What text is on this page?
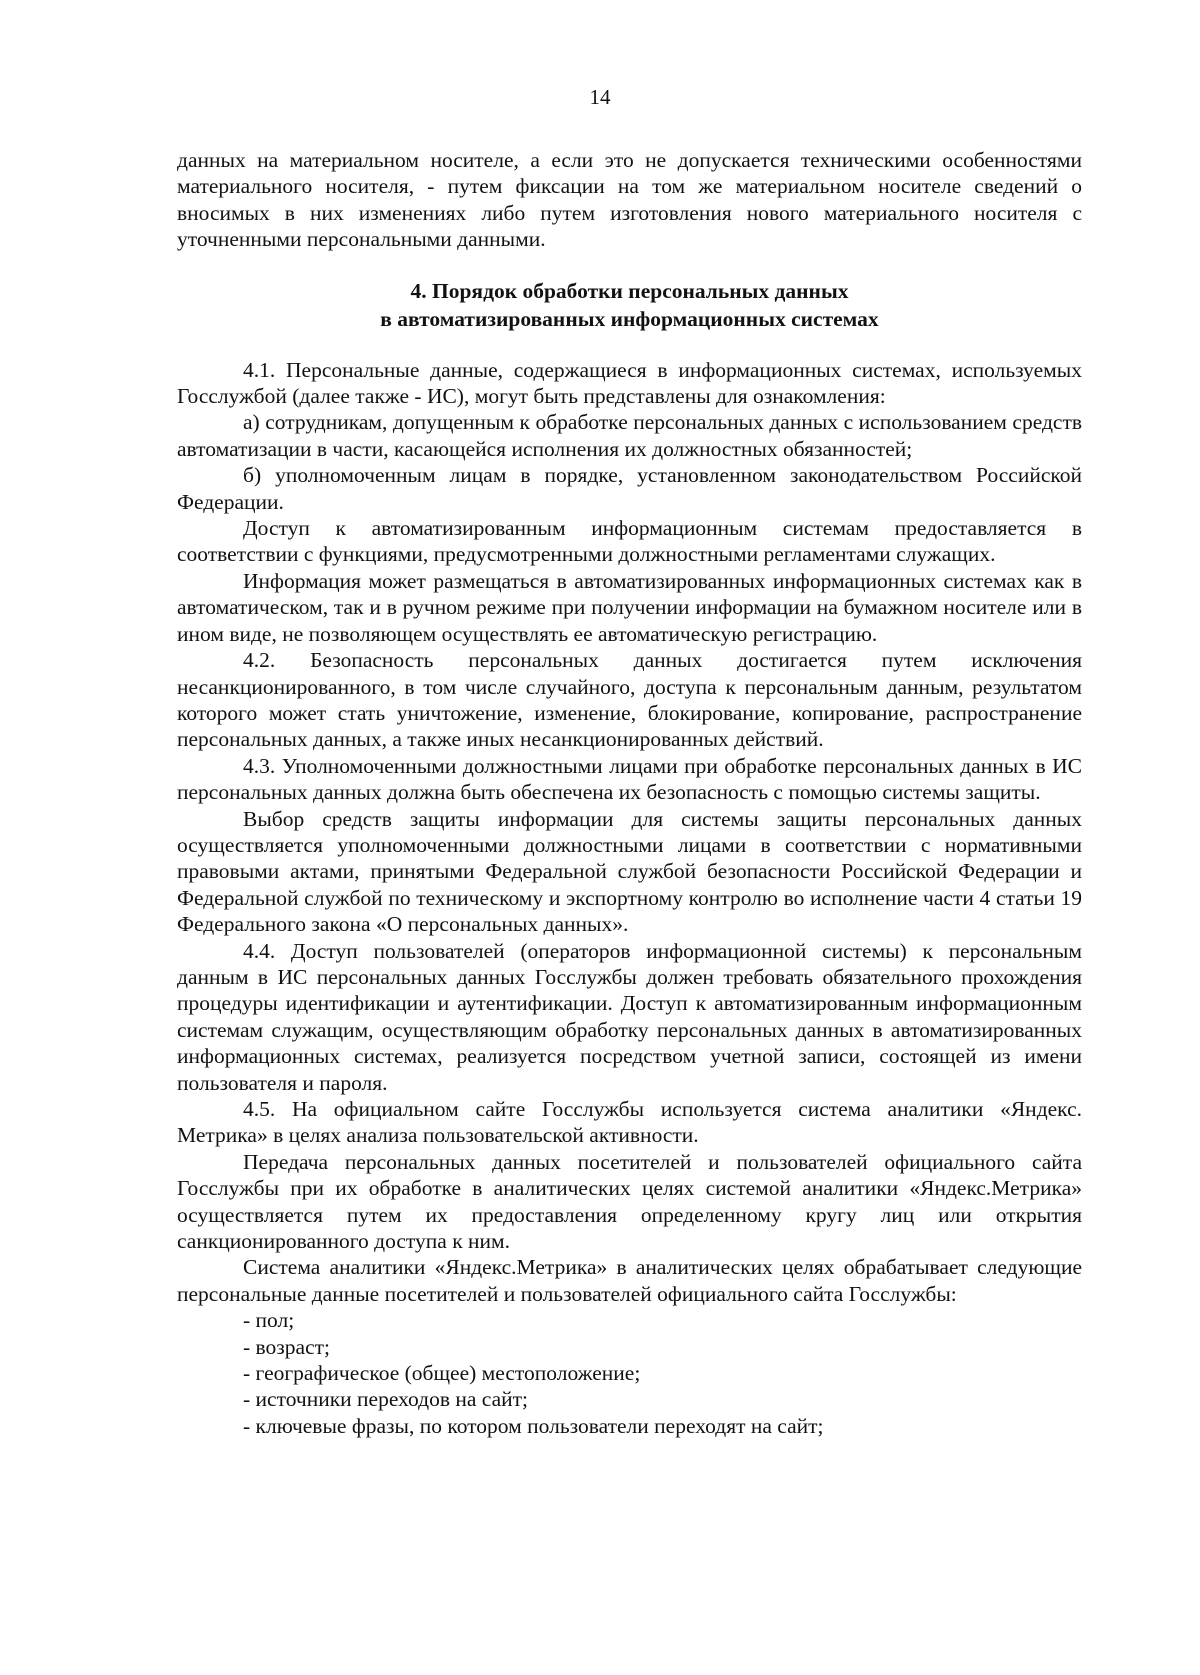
14

данных на материальном носителе, а если это не допускается техническими особенностями материального носителя, - путем фиксации на том же материальном носителе сведений о вносимых в них изменениях либо путем изготовления нового материального носителя с уточненными персональными данными.

4. Порядок обработки персональных данных
в автоматизированных информационных системах

4.1. Персональные данные, содержащиеся в информационных системах, используемых Госслужбой (далее также - ИС), могут быть представлены для ознакомления:

а) сотрудникам, допущенным к обработке персональных данных с использованием средств автоматизации в части, касающейся исполнения их должностных обязанностей;

б) уполномоченным лицам в порядке, установленном законодательством Российской Федерации.

Доступ к автоматизированным информационным системам предоставляется в соответствии с функциями, предусмотренными должностными регламентами служащих.

Информация может размещаться в автоматизированных информационных системах как в автоматическом, так и в ручном режиме при получении информации на бумажном носителе или в ином виде, не позволяющем осуществлять ее автоматическую регистрацию.

4.2. Безопасность персональных данных достигается путем исключения несанкционированного, в том числе случайного, доступа к персональным данным, результатом которого может стать уничтожение, изменение, блокирование, копирование, распространение персональных данных, а также иных несанкционированных действий.

4.3. Уполномоченными должностными лицами при обработке персональных данных в ИС персональных данных должна быть обеспечена их безопасность с помощью системы защиты.

Выбор средств защиты информации для системы защиты персональных данных осуществляется уполномоченными должностными лицами в соответствии с нормативными правовыми актами, принятыми Федеральной службой безопасности Российской Федерации и Федеральной службой по техническому и экспортному контролю во исполнение части 4 статьи 19 Федерального закона «О персональных данных».

4.4. Доступ пользователей (операторов информационной системы) к персональным данным в ИС персональных данных Госслужбы должен требовать обязательного прохождения процедуры идентификации и аутентификации. Доступ к автоматизированным информационным системам служащим, осуществляющим обработку персональных данных в автоматизированных информационных системах, реализуется посредством учетной записи, состоящей из имени пользователя и пароля.

4.5. На официальном сайте Госслужбы используется система аналитики «Яндекс. Метрика» в целях анализа пользовательской активности.

Передача персональных данных посетителей и пользователей официального сайта Госслужбы при их обработке в аналитических целях системой аналитики «Яндекс.Метрика» осуществляется путем их предоставления определенному кругу лиц или открытия санкционированного доступа к ним.

Система аналитики «Яндекс.Метрика» в аналитических целях обрабатывает следующие персональные данные посетителей и пользователей официального сайта Госслужбы:

- пол;

- возраст;

- географическое (общее) местоположение;

- источники переходов на сайт;

- ключевые фразы, по котором пользователи переходят на сайт;
